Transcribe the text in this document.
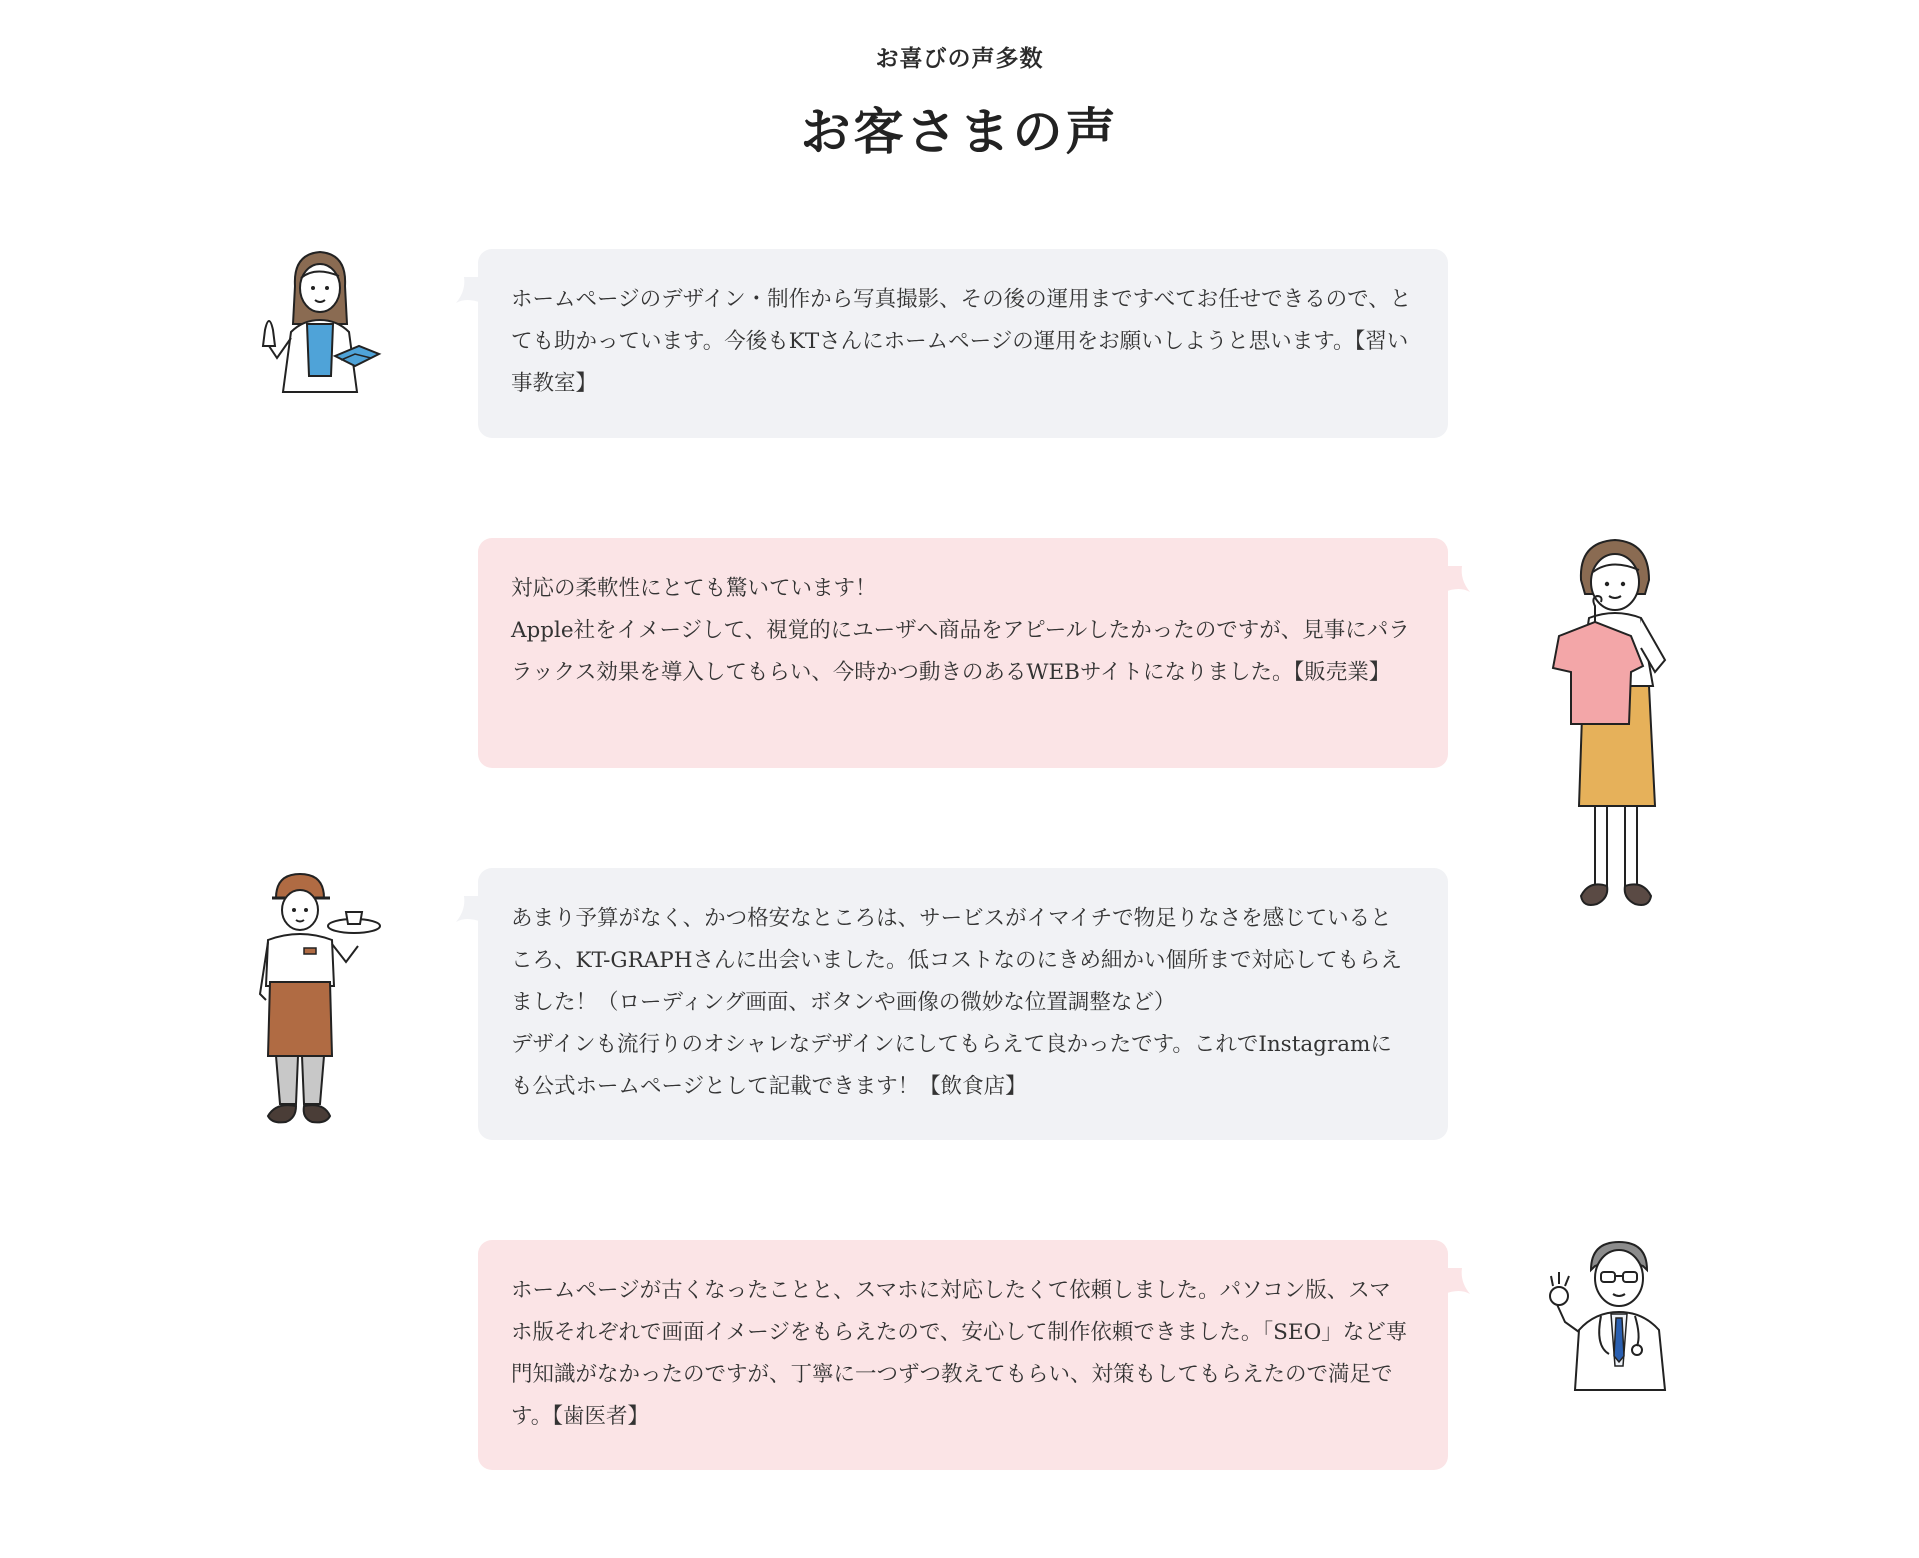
お喜びの声多数
お客さまの声

ホームページのデザイン・制作から写真撮影、その後の運用まですべてお任せできるので、とても助かっています。今後もKTさんにホームページの運用をお願いしようと思います。【習い事教室】

対応の柔軟性にとても驚いています！
Apple社をイメージして、視覚的にユーザへ商品をアピールしたかったのですが、見事にパララックス効果を導入してもらい、今時かつ動きのあるWEBサイトになりました。【販売業】

あまり予算がなく、かつ格安なところは、サービスがイマイチで物足りなさを感じているところ、KT-GRAPHさんに出会いました。低コストなのにきめ細かい個所まで対応してもらえました！（ローディング画面、ボタンや画像の微妙な位置調整など）
デザインも流行りのオシャレなデザインにしてもらえて良かったです。これでInstagramにも公式ホームページとして記載できます！【飲食店】

ホームページが古くなったことと、スマホに対応したくて依頼しました。パソコン版、スマホ版それぞれで画面イメージをもらえたので、安心して制作依頼できました。「SEO」など専門知識がなかったのですが、丁寧に一つずつ教えてもらい、対策もしてもらえたので満足です。【歯医者】
